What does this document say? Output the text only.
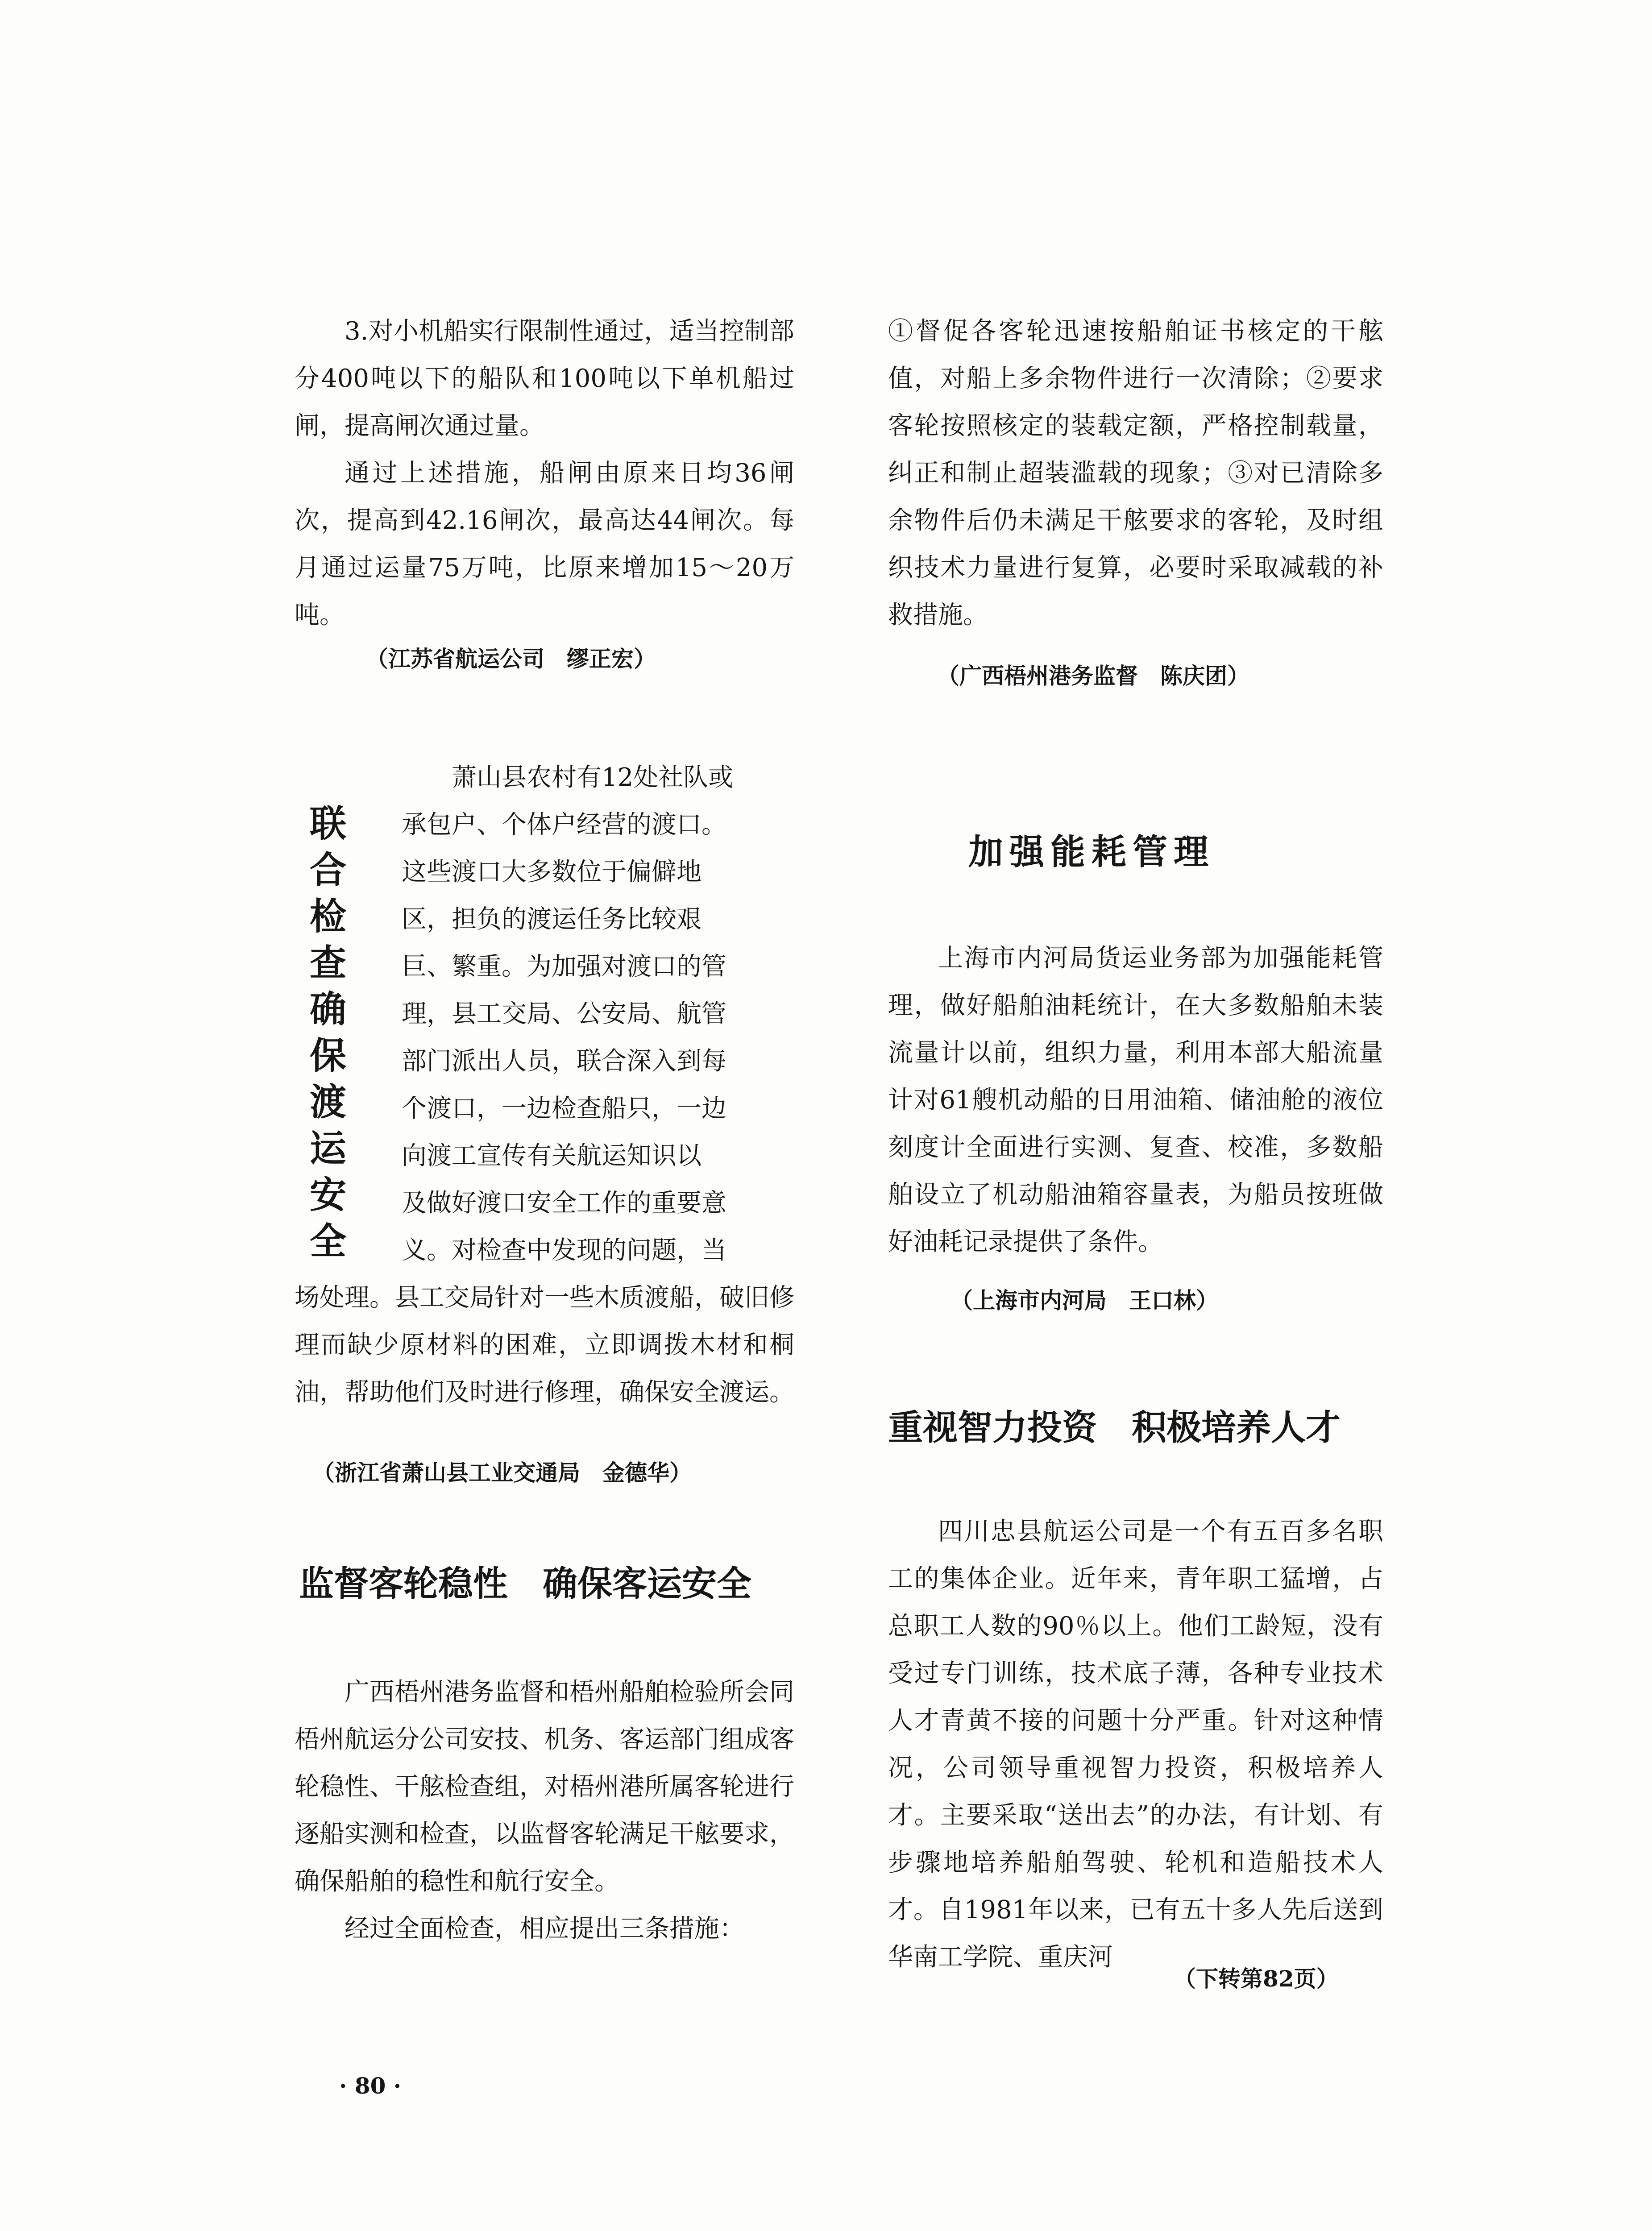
3.对小机船实行限制性通过，适当控制部分400吨以下的船队和100吨以下单机船过闸，提高闸次通过量。

通过上述措施，船闸由原来日均36闸次，提高到42.16闸次，最高达44闸次。每月通过运量75万吨，比原来增加15～20万吨。

（江苏省航运公司　缪正宏）
联
合
检
查
确
保
渡
运
安
全

　　萧山县农村有12处社队或

承包户、个体户经营的渡口。

这些渡口大多数位于偏僻地

区，担负的渡运任务比较艰

巨、繁重。为加强对渡口的管

理，县工交局、公安局、航管

部门派出人员，联合深入到每

个渡口，一边检查船只，一边

向渡工宣传有关航运知识以

及做好渡口安全工作的重要意

义。对检查中发现的问题，当

场处理。县工交局针对一些木质渡船，破旧修理而缺少原材料的困难，立即调拨木材和桐油，帮助他们及时进行修理，确保安全渡运。

（浙江省萧山县工业交通局　金德华）
监督客轮稳性　确保客运安全

广西梧州港务监督和梧州船舶检验所会同梧州航运分公司安技、机务、客运部门组成客轮稳性、干舷检查组，对梧州港所属客轮进行逐船实测和检查，以监督客轮满足干舷要求，确保船舶的稳性和航行安全。

经过全面检查，相应提出三条措施：

· 80 ·

①督促各客轮迅速按船舶证书核定的干舷值，对船上多余物件进行一次清除；②要求客轮按照核定的装载定额，严格控制载量，纠正和制止超装滥载的现象；③对已清除多余物件后仍未满足干舷要求的客轮，及时组织技术力量进行复算，必要时采取减载的补救措施。

（广西梧州港务监督　陈庆团）
加强能耗管理

上海市内河局货运业务部为加强能耗管理，做好船舶油耗统计，在大多数船舶未装流量计以前，组织力量，利用本部大船流量计对61艘机动船的日用油箱、储油舱的液位刻度计全面进行实测、复查、校准，多数船舶设立了机动船油箱容量表，为船员按班做好油耗记录提供了条件。

（上海市内河局　王口林）
重视智力投资　积极培养人才

四川忠县航运公司是一个有五百多名职工的集体企业。近年来，青年职工猛增，占总职工人数的90％以上。他们工龄短，没有受过专门训练，技术底子薄，各种专业技术人才青黄不接的问题十分严重。针对这种情况，公司领导重视智力投资，积极培养人才。主要采取“送出去”的办法，有计划、有步骤地培养船舶驾驶、轮机和造船技术人才。自1981年以来，已有五十多人先后送到华南工学院、重庆河

（下转第82页）
